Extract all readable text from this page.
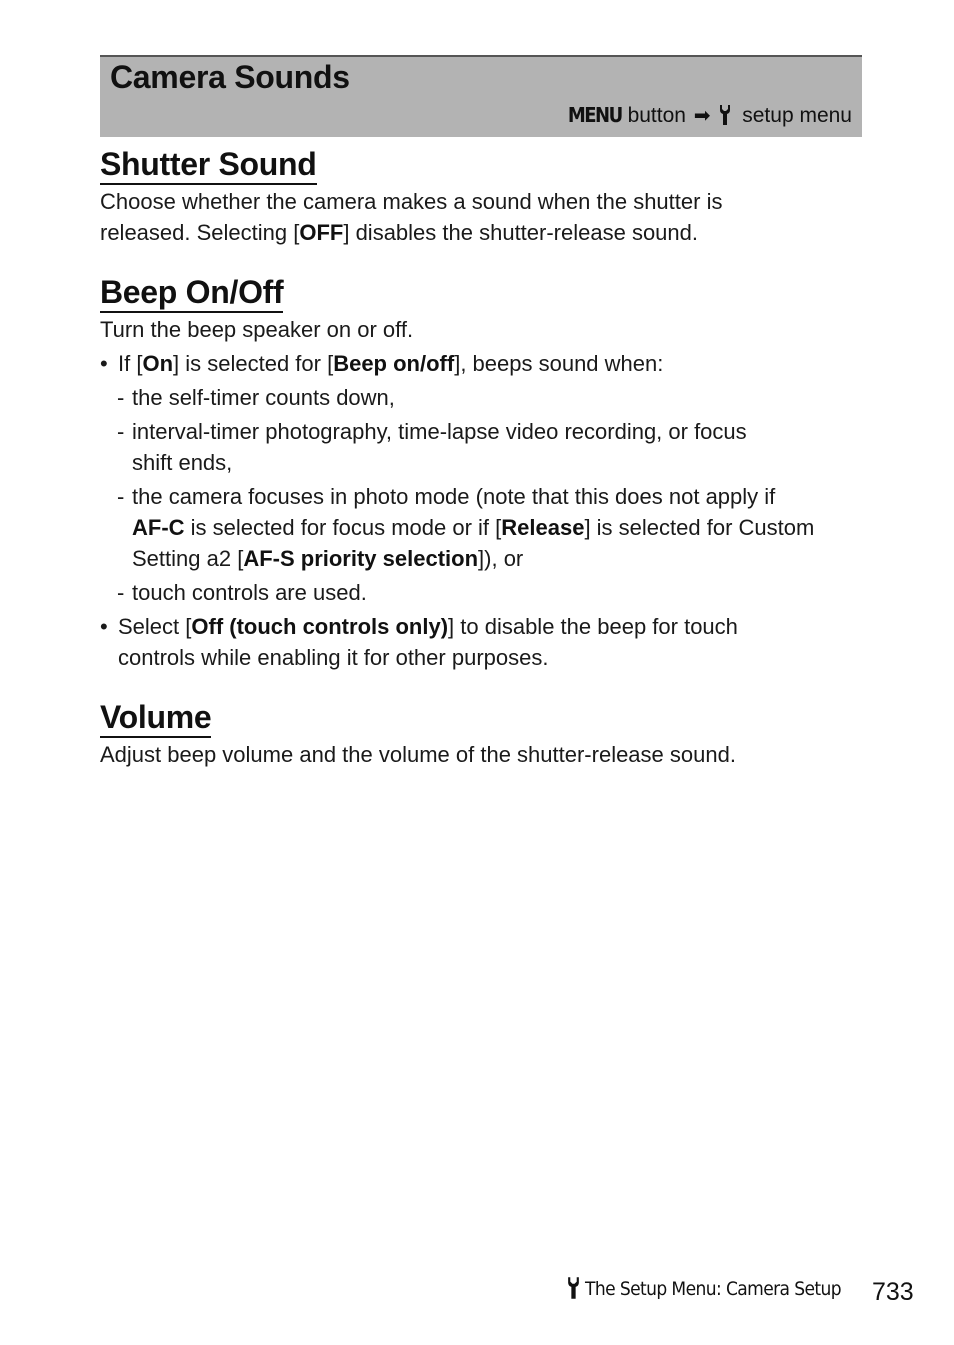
Camera Sounds
MENU button ➡ setup menu
Shutter Sound

Choose whether the camera makes a sound when the shutter is
released. Selecting [OFF] disables the shutter-release sound.

Beep On/Off

Turn the beep speaker on or off.

• If [On] is selected for [Beep on/off], beeps sound when:
- the self-timer counts down,
- interval-timer photography, time-lapse video recording, or focus
shift ends,
- the camera focuses in photo mode (note that this does not apply if
AF-C is selected for focus mode or if [Release] is selected for Custom
Setting a2 [AF-S priority selection]), or
- touch controls are used.
• Select [Off (touch controls only)] to disable the beep for touch
controls while enabling it for other purposes.
Volume

Adjust beep volume and the volume of the shutter-release sound.

The Setup Menu: Camera Setup 733
